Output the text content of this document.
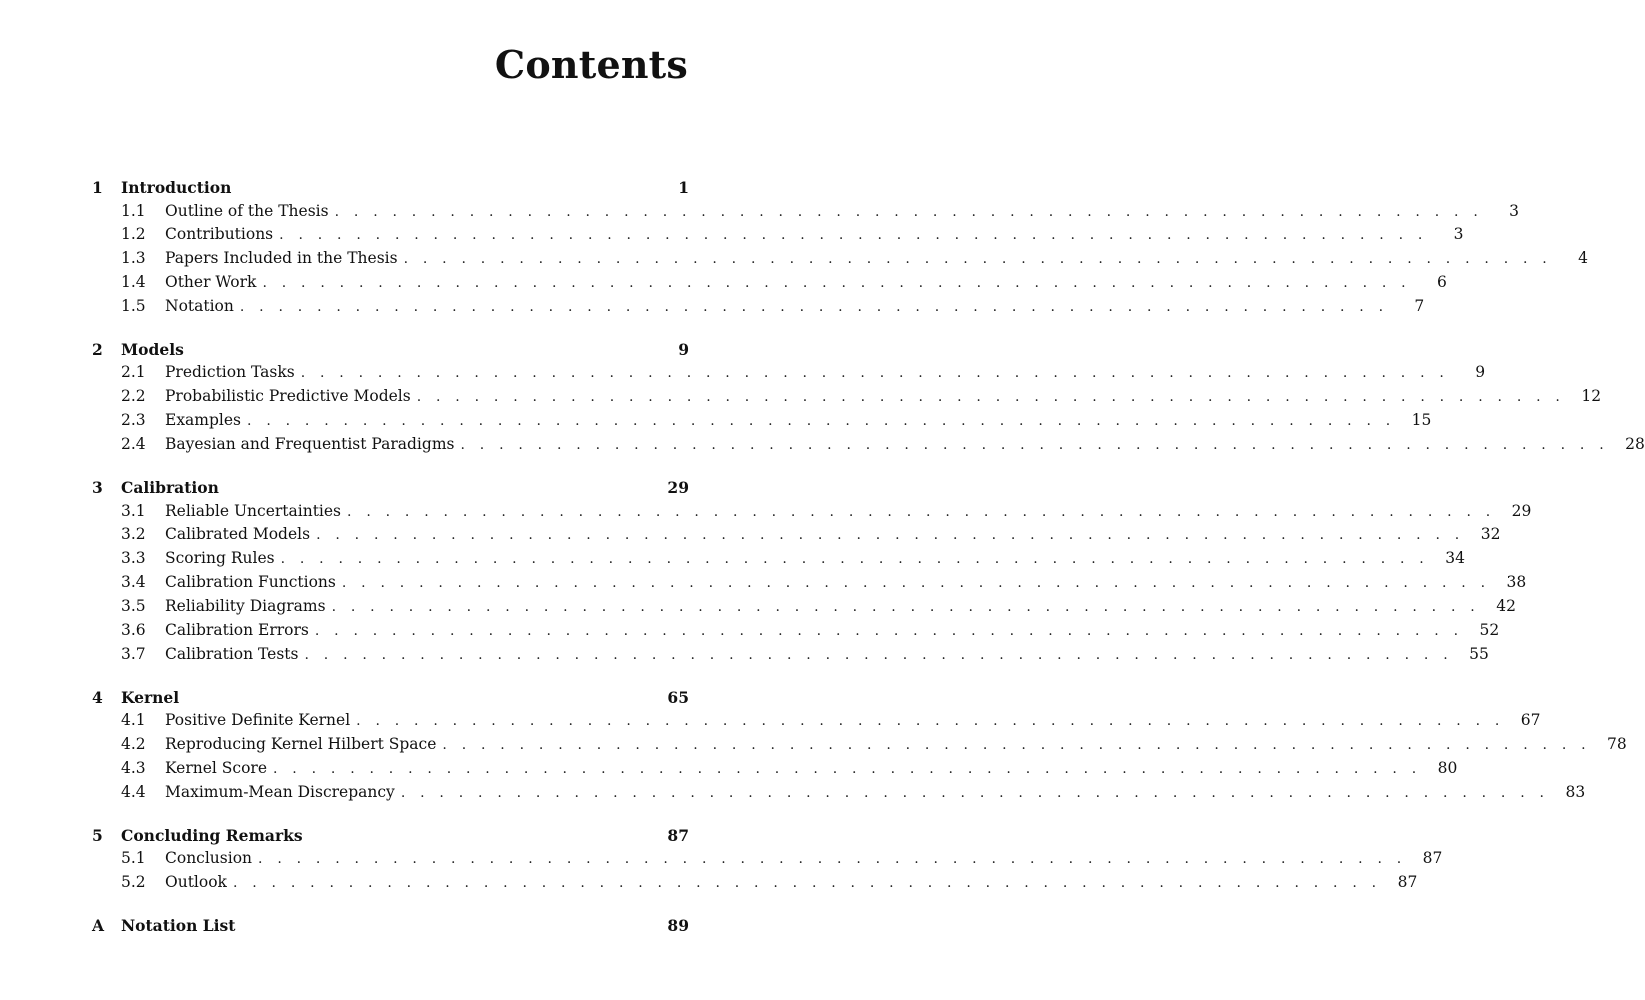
Contents
1	Introduction	1
1.1	Outline of the Thesis . . . . . . . . . . . . . . . . . . . . . . . . . . . . . . . . . . . . . . . . . . . . . . . . . . . . . . . . . . . .	3
1.2	Contributions . . . . . . . . . . . . . . . . . . . . . . . . . . . . . . . . . . . . . . . . . . . . . . . . . . . . . . . . . . . .	3
1.3	Papers Included in the Thesis . . . . . . . . . . . . . . . . . . . . . . . . . . . . . . . . . . . . . . . . . . . . . . . . . . . . . . . . . . . .	4
1.4	Other Work . . . . . . . . . . . . . . . . . . . . . . . . . . . . . . . . . . . . . . . . . . . . . . . . . . . . . . . . . . . .	6
1.5	Notation . . . . . . . . . . . . . . . . . . . . . . . . . . . . . . . . . . . . . . . . . . . . . . . . . . . . . . . . . . . .	7
2	Models	9
2.1	Prediction Tasks . . . . . . . . . . . . . . . . . . . . . . . . . . . . . . . . . . . . . . . . . . . . . . . . . . . . . . . . . . . .	9
2.2	Probabilistic Predictive Models . . . . . . . . . . . . . . . . . . . . . . . . . . . . . . . . . . . . . . . . . . . . . . . . . . . . . . . . . . . .	12
2.3	Examples . . . . . . . . . . . . . . . . . . . . . . . . . . . . . . . . . . . . . . . . . . . . . . . . . . . . . . . . . . . .	15
2.4	Bayesian and Frequentist Paradigms . . . . . . . . . . . . . . . . . . . . . . . . . . . . . . . . . . . . . . . . . . . . . . . . . . . . . . . . . . . .	28
3	Calibration	29
3.1	Reliable Uncertainties . . . . . . . . . . . . . . . . . . . . . . . . . . . . . . . . . . . . . . . . . . . . . . . . . . . . . . . . . . . .	29
3.2	Calibrated Models . . . . . . . . . . . . . . . . . . . . . . . . . . . . . . . . . . . . . . . . . . . . . . . . . . . . . . . . . . . .	32
3.3	Scoring Rules . . . . . . . . . . . . . . . . . . . . . . . . . . . . . . . . . . . . . . . . . . . . . . . . . . . . . . . . . . . .	34
3.4	Calibration Functions . . . . . . . . . . . . . . . . . . . . . . . . . . . . . . . . . . . . . . . . . . . . . . . . . . . . . . . . . . . .	38
3.5	Reliability Diagrams . . . . . . . . . . . . . . . . . . . . . . . . . . . . . . . . . . . . . . . . . . . . . . . . . . . . . . . . . . . .	42
3.6	Calibration Errors . . . . . . . . . . . . . . . . . . . . . . . . . . . . . . . . . . . . . . . . . . . . . . . . . . . . . . . . . . . .	52
3.7	Calibration Tests . . . . . . . . . . . . . . . . . . . . . . . . . . . . . . . . . . . . . . . . . . . . . . . . . . . . . . . . . . . .	55
4	Kernel	65
4.1	Positive Definite Kernel . . . . . . . . . . . . . . . . . . . . . . . . . . . . . . . . . . . . . . . . . . . . . . . . . . . . . . . . . . . .	67
4.2	Reproducing Kernel Hilbert Space . . . . . . . . . . . . . . . . . . . . . . . . . . . . . . . . . . . . . . . . . . . . . . . . . . . . . . . . . . . .	78
4.3	Kernel Score . . . . . . . . . . . . . . . . . . . . . . . . . . . . . . . . . . . . . . . . . . . . . . . . . . . . . . . . . . . .	80
4.4	Maximum-Mean Discrepancy . . . . . . . . . . . . . . . . . . . . . . . . . . . . . . . . . . . . . . . . . . . . . . . . . . . . . . . . . . . .	83
5	Concluding Remarks	87
5.1	Conclusion . . . . . . . . . . . . . . . . . . . . . . . . . . . . . . . . . . . . . . . . . . . . . . . . . . . . . . . . . . . .	87
5.2	Outlook . . . . . . . . . . . . . . . . . . . . . . . . . . . . . . . . . . . . . . . . . . . . . . . . . . . . . . . . . . . .	87
A	Notation List	89
